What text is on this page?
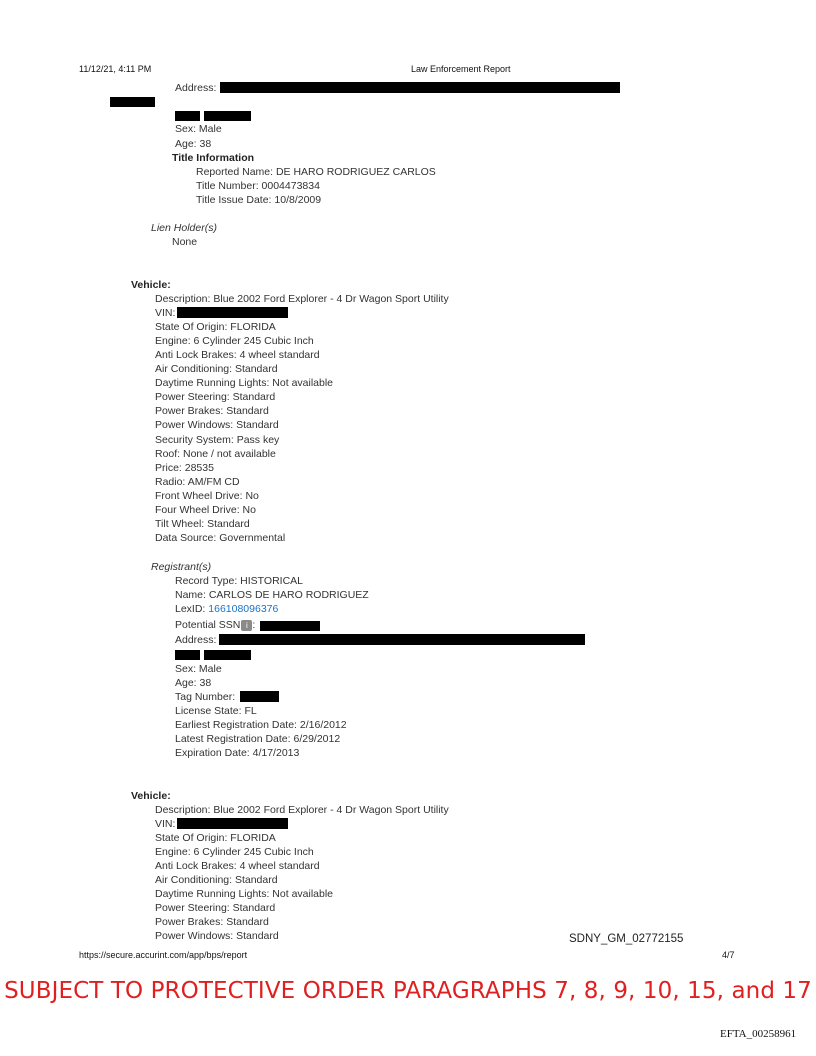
11/12/21, 4:11 PM	Law Enforcement Report
Address:
Sex: Male
Age: 38
Title Information
Reported Name: DE HARO RODRIGUEZ CARLOS
Title Number: 0004473834
Title Issue Date: 10/8/2009
Lien Holder(s)
None
Vehicle:
Description: Blue 2002 Ford Explorer - 4 Dr Wagon Sport Utility
VIN:
State Of Origin: FLORIDA
Engine: 6 Cylinder 245 Cubic Inch
Anti Lock Brakes: 4 wheel standard
Air Conditioning: Standard
Daytime Running Lights: Not available
Power Steering: Standard
Power Brakes: Standard
Power Windows: Standard
Security System: Pass key
Roof: None / not available
Price: 28535
Radio: AM/FM CD
Front Wheel Drive: No
Four Wheel Drive: No
Tilt Wheel: Standard
Data Source: Governmental
Registrant(s)
Record Type: HISTORICAL
Name: CARLOS DE HARO RODRIGUEZ
LexID: 166108096376
Potential SSN i :
Address:
Sex: Male
Age: 38
Tag Number:
License State: FL
Earliest Registration Date: 2/16/2012
Latest Registration Date: 6/29/2012
Expiration Date: 4/17/2013
Vehicle:
Description: Blue 2002 Ford Explorer - 4 Dr Wagon Sport Utility
VIN:
State Of Origin: FLORIDA
Engine: 6 Cylinder 245 Cubic Inch
Anti Lock Brakes: 4 wheel standard
Air Conditioning: Standard
Daytime Running Lights: Not available
Power Steering: Standard
Power Brakes: Standard
Power Windows: Standard	SDNY_GM_02772155
https://secure.accurint.com/app/bps/report	4/7
SUBJECT TO PROTECTIVE ORDER PARAGRAPHS 7, 8, 9, 10, 15, and 17
EFTA_00258961
